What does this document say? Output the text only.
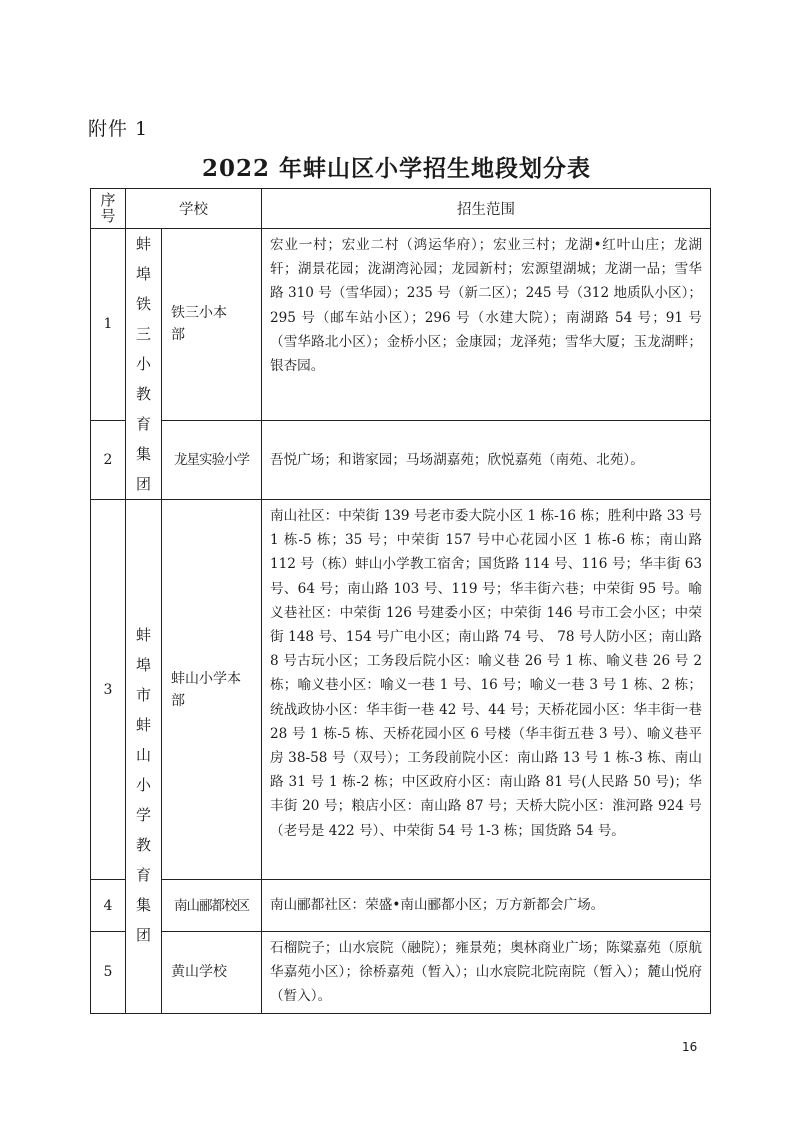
附件 1
2022 年蚌山区小学招生地段划分表
序号	学校		招生范围
1	蚌埠铁三小教育集团	铁三小本部	宏业一村；宏业二村（鸿运华府）；宏业三村；龙湖•红叶山庄；龙湖轩；湖景花园；泷湖湾沁园；龙园新村；宏源望湖城；龙湖一品；雪华路 310 号（雪华园）；235 号（新二区）；245 号（312 地质队小区）；295 号（邮车站小区）；296 号（水建大院）；南湖路 54 号；91 号（雪华路北小区）；金桥小区；金康园；龙泽苑；雪华大厦；玉龙湖畔；银杏园。
2		龙星实验小学	吾悦广场；和谐家园；马场湖嘉苑；欣悦嘉苑（南苑、北苑）。
3	蚌埠市蚌山小学教育集团	蚌山小学本部	南山社区：中荣街 139 号老市委大院小区 1 栋-16 栋；胜利中路 33 号 1 栋-5 栋；35 号；中荣街 157 号中心花园小区 1 栋-6 栋；南山路 112 号（栋）蚌山小学教工宿舍；国货路 114 号、116 号；华丰街 63 号、64 号；南山路 103 号、119 号；华丰街六巷；中荣街 95 号。喻义巷社区：中荣街 126 号建委小区；中荣街 146 号市工会小区；中荣街 148 号、154 号广电小区；南山路 74 号、 78 号人防小区；南山路 8 号古玩小区；工务段后院小区：喻义巷 26 号 1 栋、喻义巷 26 号 2 栋；喻义巷小区：喻义一巷 1 号、16 号；喻义一巷 3 号 1 栋、2 栋；统战政协小区：华丰街一巷 42 号、44 号；天桥花园小区：华丰街一巷 28 号 1 栋-5 栋、天桥花园小区 6 号楼（华丰街五巷 3 号）、喻义巷平房 38-58 号（双号）；工务段前院小区：南山路 13 号 1 栋-3 栋、南山路 31 号 1 栋-2 栋；中区政府小区：南山路 81 号(人民路 50 号)；华丰街 20 号；粮店小区：南山路 87 号；天桥大院小区：淮河路 924 号（老号是 422 号）、中荣街 54 号 1-3 栋；国货路 54 号。
4		南山郦都校区	南山郦都社区：荣盛•南山郦都小区；万方新都会广场。
5		黄山学校	石榴院子；山水宸院（融院）；雍景苑；奥林商业广场；陈粱嘉苑（原航华嘉苑小区）；徐桥嘉苑（暂入）；山水宸院北院南院（暂入）；麓山悦府（暂入）。
16
